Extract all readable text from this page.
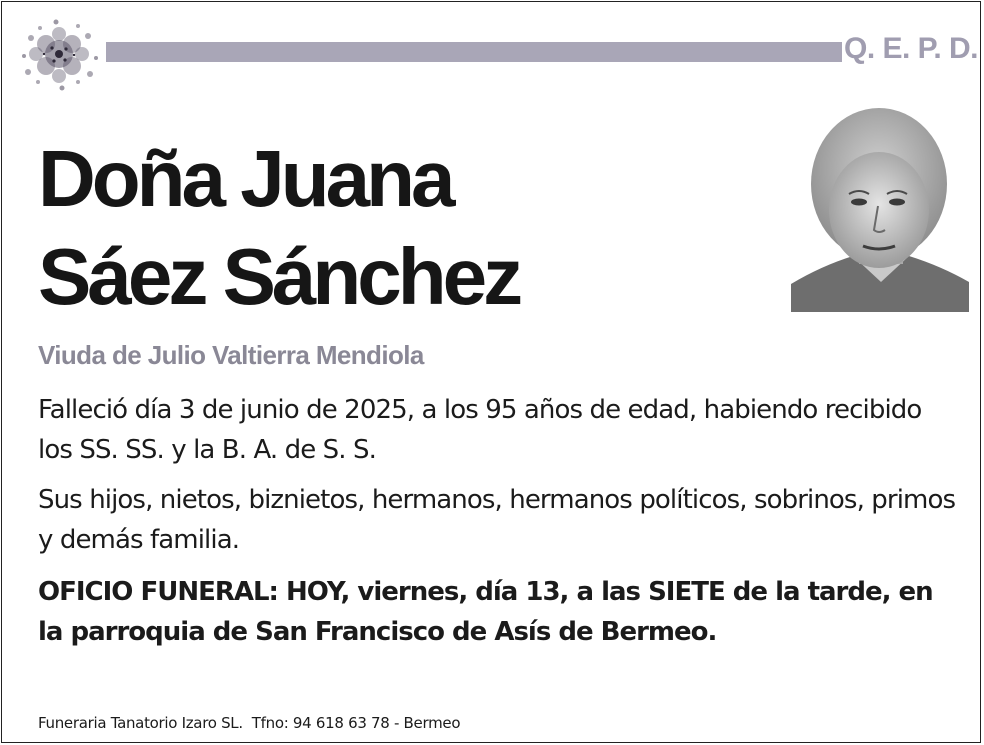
Q. E. P. D.
Doña Juana
Sáez Sánchez
Viuda de Julio Valtierra Mendiola

Falleció día 3 de junio de 2025, a los 95 años de edad, habiendo recibido los SS. SS. y la B. A. de S. S.

Sus hijos, nietos, biznietos, hermanos, hermanos políticos, sobrinos, primos y demás familia.

OFICIO FUNERAL: HOY, viernes, día 13, a las SIETE de la tarde, en la parroquia de San Francisco de Asís de Bermeo.

Funeraria Tanatorio Izaro SL.  Tfno: 94 618 63 78 - Bermeo
